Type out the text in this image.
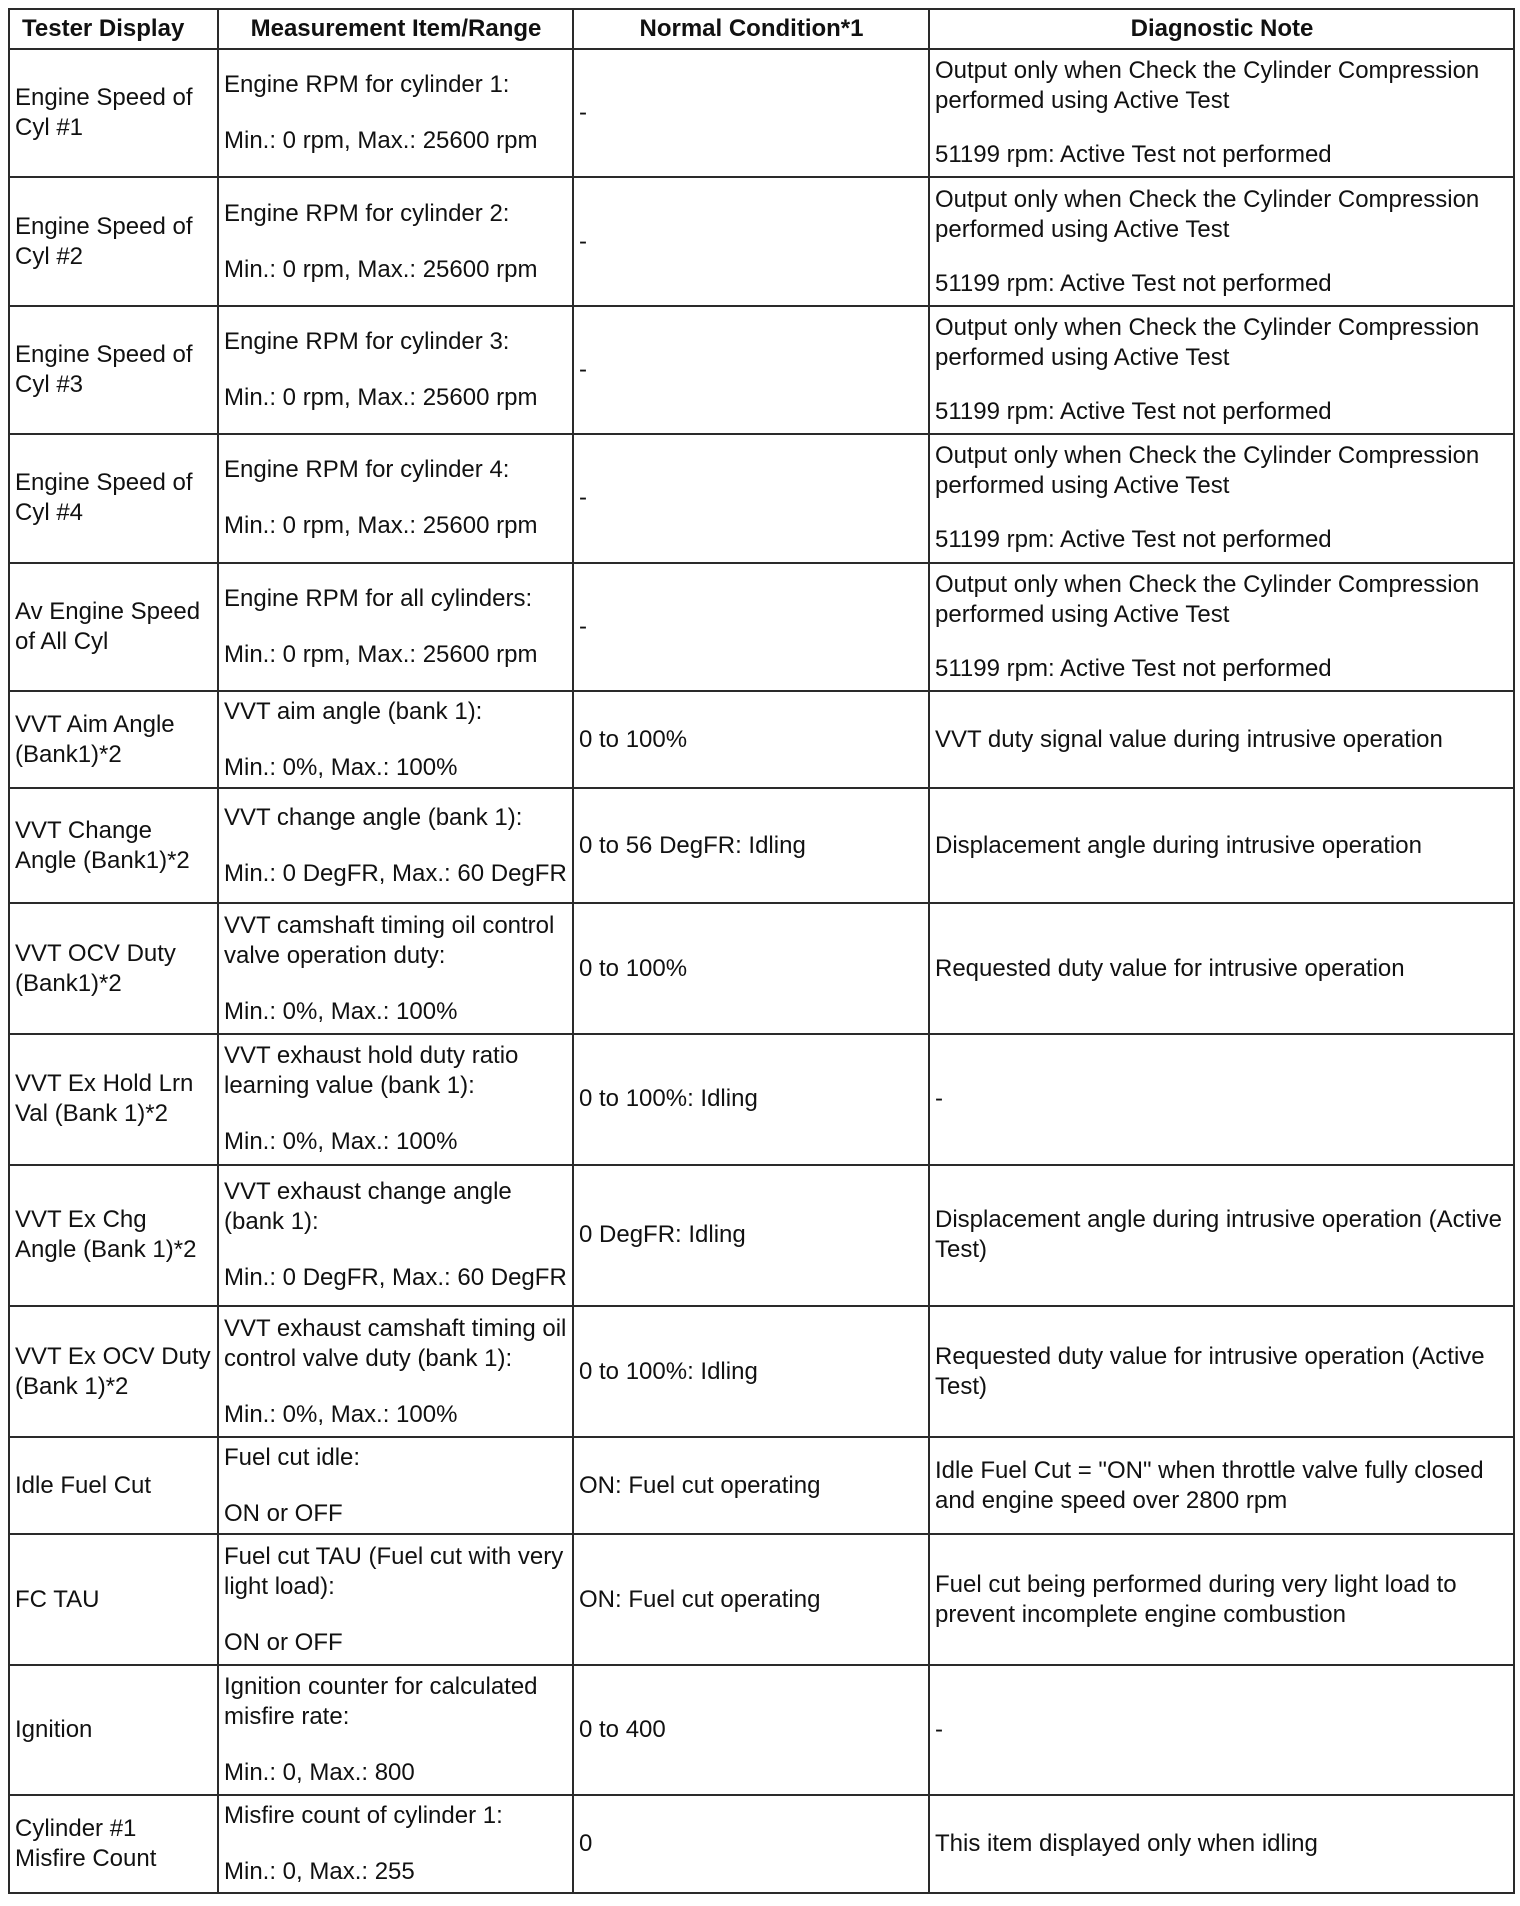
Tester Display	Measurement Item/Range	Normal Condition*1	Diagnostic Note
Engine Speed of Cyl #1	Engine RPM for cylinder 1:
Min.: 0 rpm, Max.: 25600 rpm	-	Output only when Check the Cylinder Compression performed using Active Test
51199 rpm: Active Test not performed

Engine Speed of Cyl #2	Engine RPM for cylinder 2:
Min.: 0 rpm, Max.: 25600 rpm	-	Output only when Check the Cylinder Compression performed using Active Test
51199 rpm: Active Test not performed

Engine Speed of Cyl #3	Engine RPM for cylinder 3:
Min.: 0 rpm, Max.: 25600 rpm	-	Output only when Check the Cylinder Compression performed using Active Test
51199 rpm: Active Test not performed

Engine Speed of Cyl #4	Engine RPM for cylinder 4:
Min.: 0 rpm, Max.: 25600 rpm	-	Output only when Check the Cylinder Compression performed using Active Test
51199 rpm: Active Test not performed

Av Engine Speed of All Cyl	Engine RPM for all cylinders:
Min.: 0 rpm, Max.: 25600 rpm	-	Output only when Check the Cylinder Compression performed using Active Test
51199 rpm: Active Test not performed

VVT Aim Angle (Bank1)*2	VVT aim angle (bank 1):
Min.: 0%, Max.: 100%	0 to 100%	VVT duty signal value during intrusive operation

VVT Change Angle (Bank1)*2	VVT change angle (bank 1):
Min.: 0 DegFR, Max.: 60 DegFR	0 to 56 DegFR: Idling	Displacement angle during intrusive operation

VVT OCV Duty (Bank1)*2	VVT camshaft timing oil control valve operation duty:
Min.: 0%, Max.: 100%	0 to 100%	Requested duty value for intrusive operation

VVT Ex Hold Lrn Val (Bank 1)*2	VVT exhaust hold duty ratio learning value (bank 1):
Min.: 0%, Max.: 100%	0 to 100%: Idling	-

VVT Ex Chg Angle (Bank 1)*2	VVT exhaust change angle (bank 1):
Min.: 0 DegFR, Max.: 60 DegFR	0 DegFR: Idling	Displacement angle during intrusive operation (Active Test)

VVT Ex OCV Duty (Bank 1)*2	VVT exhaust camshaft timing oil control valve duty (bank 1):
Min.: 0%, Max.: 100%	0 to 100%: Idling	Requested duty value for intrusive operation (Active Test)

Idle Fuel Cut	Fuel cut idle:
ON or OFF	ON: Fuel cut operating	Idle Fuel Cut = "ON" when throttle valve fully closed and engine speed over 2800 rpm

FC TAU	Fuel cut TAU (Fuel cut with very light load):
ON or OFF	ON: Fuel cut operating	Fuel cut being performed during very light load to prevent incomplete engine combustion

Ignition	Ignition counter for calculated misfire rate:
Min.: 0, Max.: 800	0 to 400	-

Cylinder #1 Misfire Count	Misfire count of cylinder 1:
Min.: 0, Max.: 255	0	This item displayed only when idling
